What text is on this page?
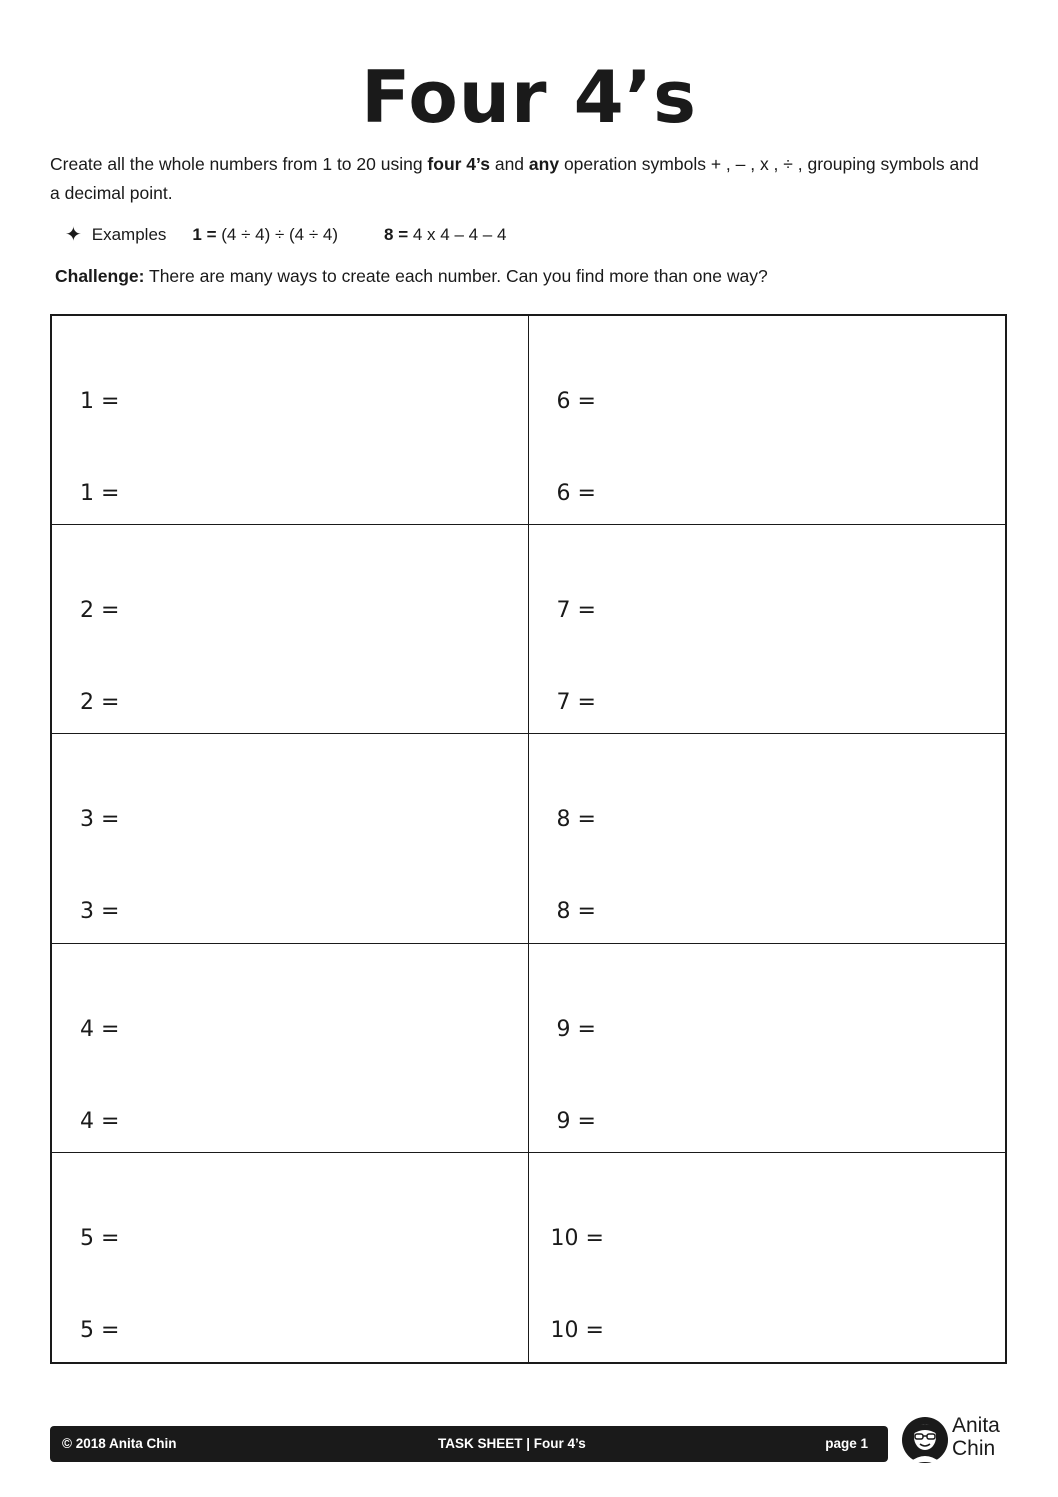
Four 4’s

Create all the whole numbers from 1 to 20 using four 4’s and any operation symbols + , – , x , ÷ , grouping symbols and a decimal point.

✦ Examples 1 = (4 ÷ 4) ÷ (4 ÷ 4)	8 = 4 x 4 – 4 – 4

Challenge: There are many ways to create each number. Can you find more than one way?

1 =
1 =
6 =
6 =
2 =
2 =
7 =
7 =
3 =
3 =
8 =
8 =
4 =
4 =
9 =
9 =
5 =
5 =
10 =
10 =
© 2018 Anita Chin	TASK SHEET | Four 4’s	page 1
Anita
Chin
